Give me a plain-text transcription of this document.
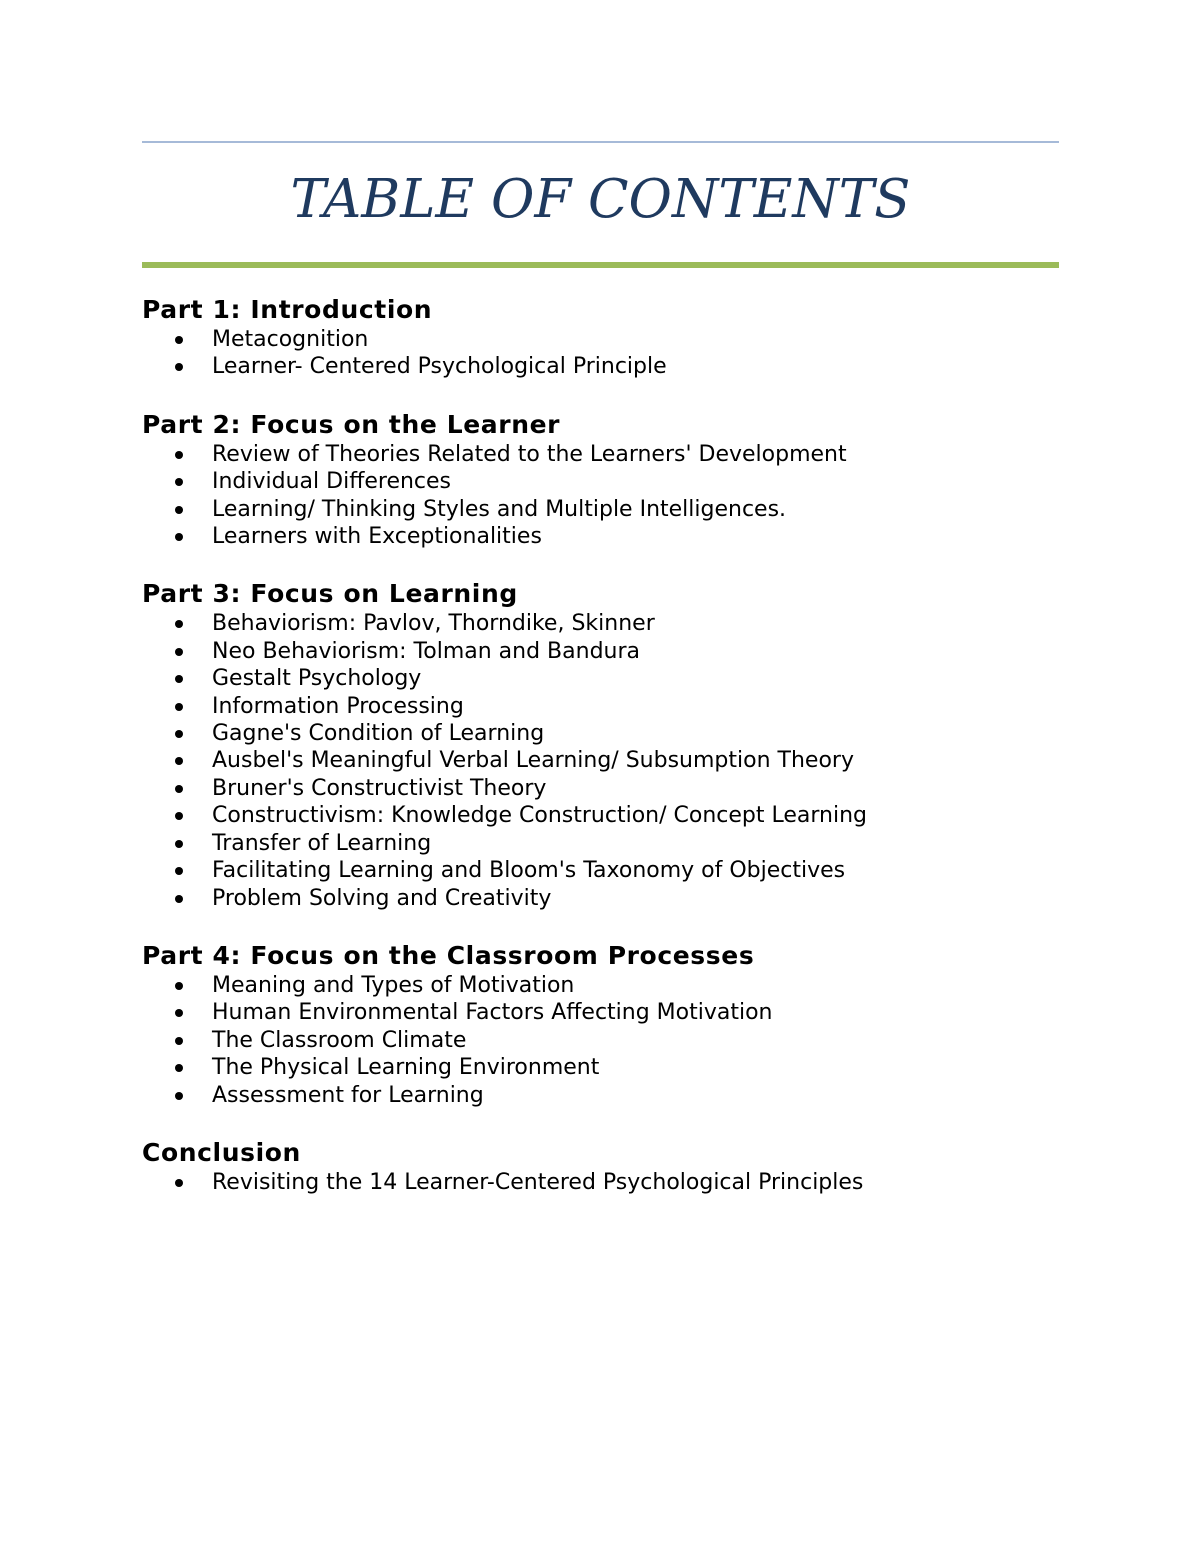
TABLE OF CONTENTS
Part 1: Introduction
Metacognition
Learner- Centered Psychological Principle
Part 2: Focus on the Learner
Review of Theories Related to the Learners' Development
Individual Differences
Learning/ Thinking Styles and Multiple Intelligences.
Learners with Exceptionalities
Part 3: Focus on Learning
Behaviorism: Pavlov, Thorndike, Skinner
Neo Behaviorism: Tolman and Bandura
Gestalt Psychology
Information Processing
Gagne's Condition of Learning
Ausbel's Meaningful Verbal Learning/ Subsumption Theory
Bruner's Constructivist Theory
Constructivism: Knowledge Construction/ Concept Learning
Transfer of Learning
Facilitating Learning and Bloom's Taxonomy of Objectives
Problem Solving and Creativity
Part 4: Focus on the Classroom Processes
Meaning and Types of Motivation
Human Environmental Factors Affecting Motivation
The Classroom Climate
The Physical Learning Environment
Assessment for Learning
Conclusion
Revisiting the 14 Learner-Centered Psychological Principles
